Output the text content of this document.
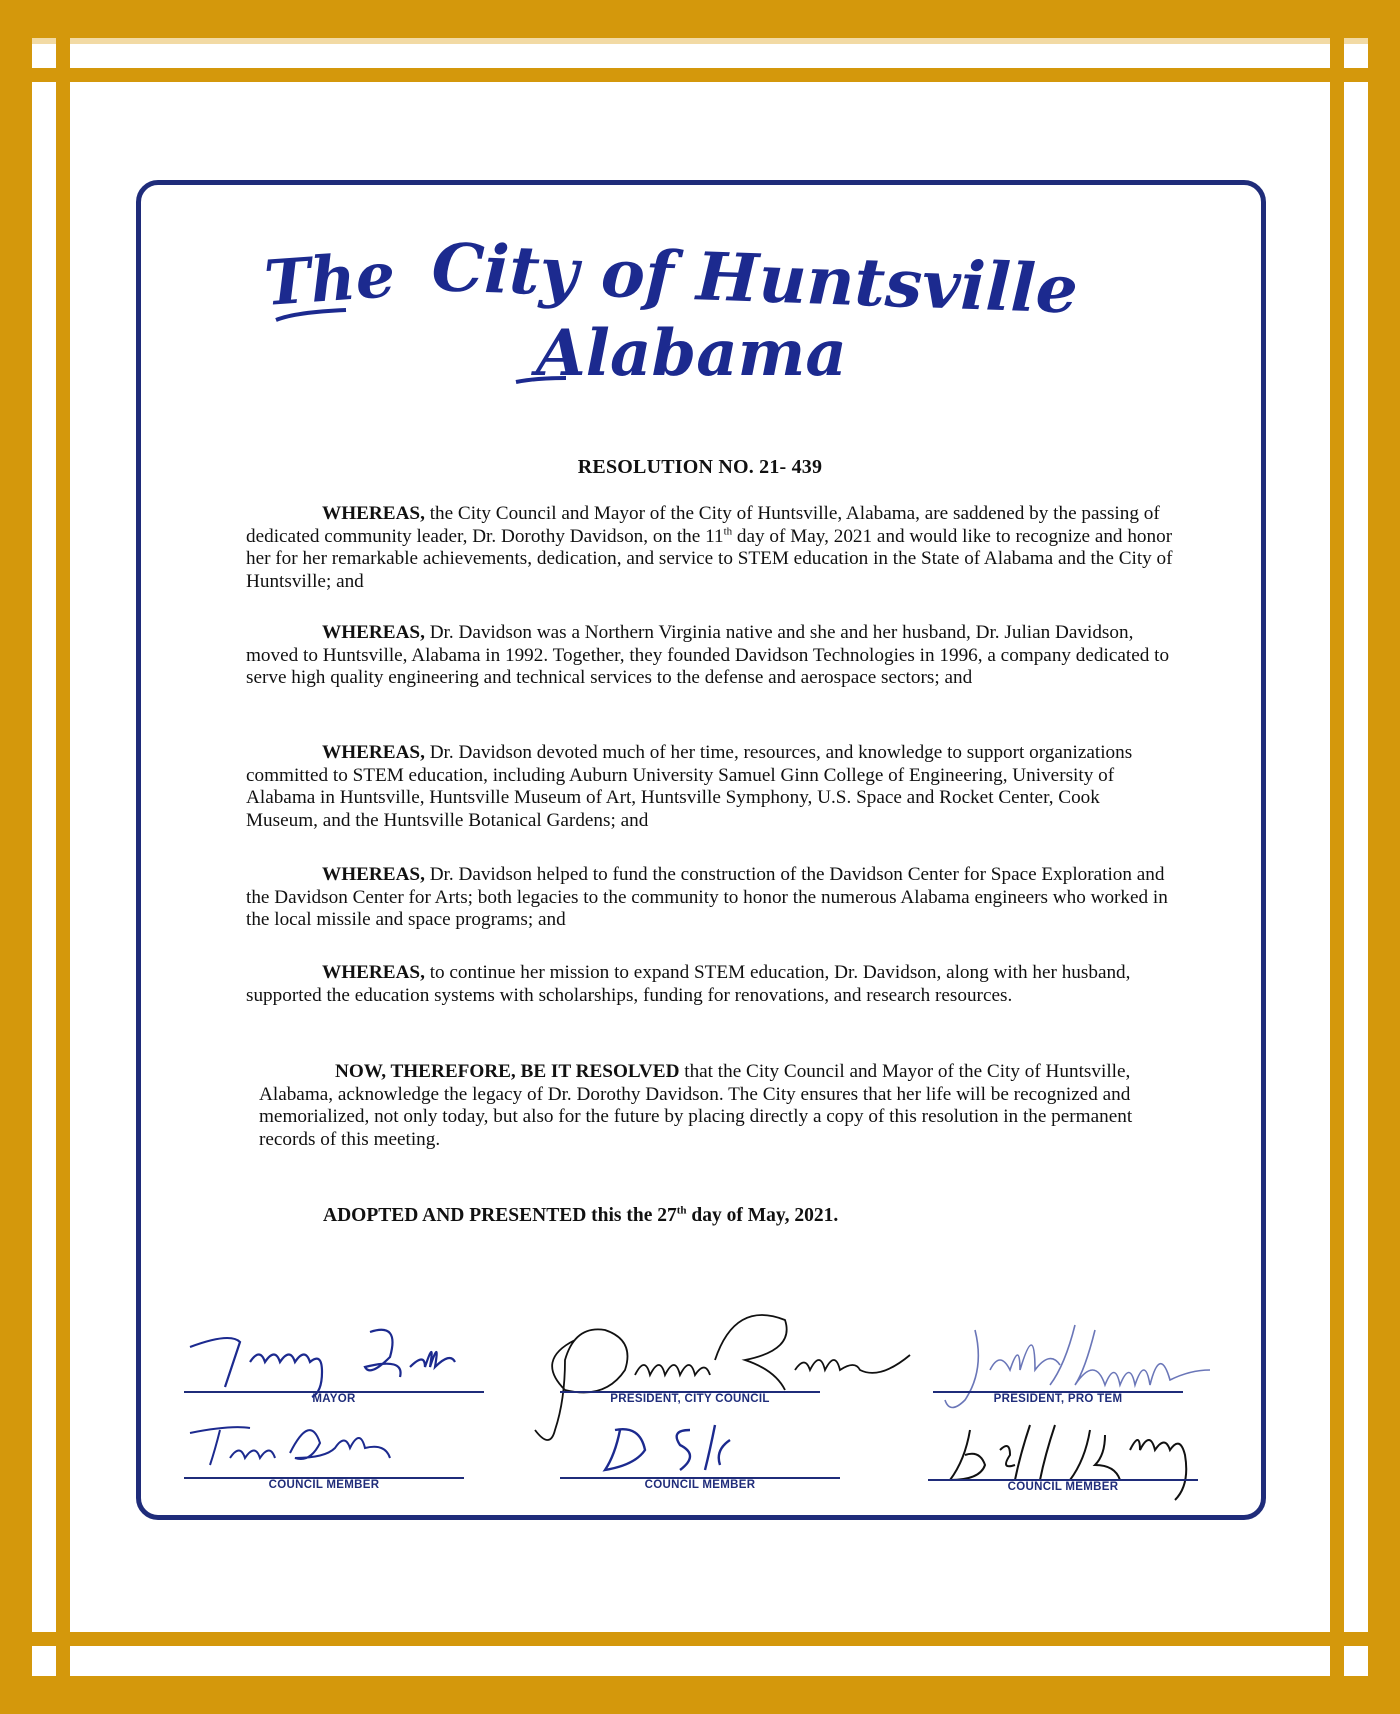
The City of Huntsville
Alabama
RESOLUTION NO. 21- 439

WHEREAS, the City Council and Mayor of the City of Huntsville, Alabama, are saddened by the passing of dedicated community leader, Dr. Dorothy Davidson, on the 11th day of May, 2021 and would like to recognize and honor her for her remarkable achievements, dedication, and service to STEM education in the State of Alabama and the City of Huntsville; and

WHEREAS, Dr. Davidson was a Northern Virginia native and she and her husband, Dr. Julian Davidson, moved to Huntsville, Alabama in 1992. Together, they founded Davidson Technologies in 1996, a company dedicated to serve high quality engineering and technical services to the defense and aerospace sectors; and

WHEREAS, Dr. Davidson devoted much of her time, resources, and knowledge to support organizations committed to STEM education, including Auburn University Samuel Ginn College of Engineering, University of Alabama in Huntsville, Huntsville Museum of Art, Huntsville Symphony, U.S. Space and Rocket Center, Cook Museum, and the Huntsville Botanical Gardens; and

WHEREAS, Dr. Davidson helped to fund the construction of the Davidson Center for Space Exploration and the Davidson Center for Arts; both legacies to the community to honor the numerous Alabama engineers who worked in the local missile and space programs; and

WHEREAS, to continue her mission to expand STEM education, Dr. Davidson, along with her husband, supported the education systems with scholarships, funding for renovations, and research resources.

NOW, THEREFORE, BE IT RESOLVED that the City Council and Mayor of the City of Huntsville, Alabama, acknowledge the legacy of Dr. Dorothy Davidson. The City ensures that her life will be recognized and memorialized, not only today, but also for the future by placing directly a copy of this resolution in the permanent records of this meeting.

ADOPTED AND PRESENTED this the 27th day of May, 2021.
MAYOR	PRESIDENT, CITY COUNCIL	PRESIDENT, PRO TEM
COUNCIL MEMBER	COUNCIL MEMBER	COUNCIL MEMBER
